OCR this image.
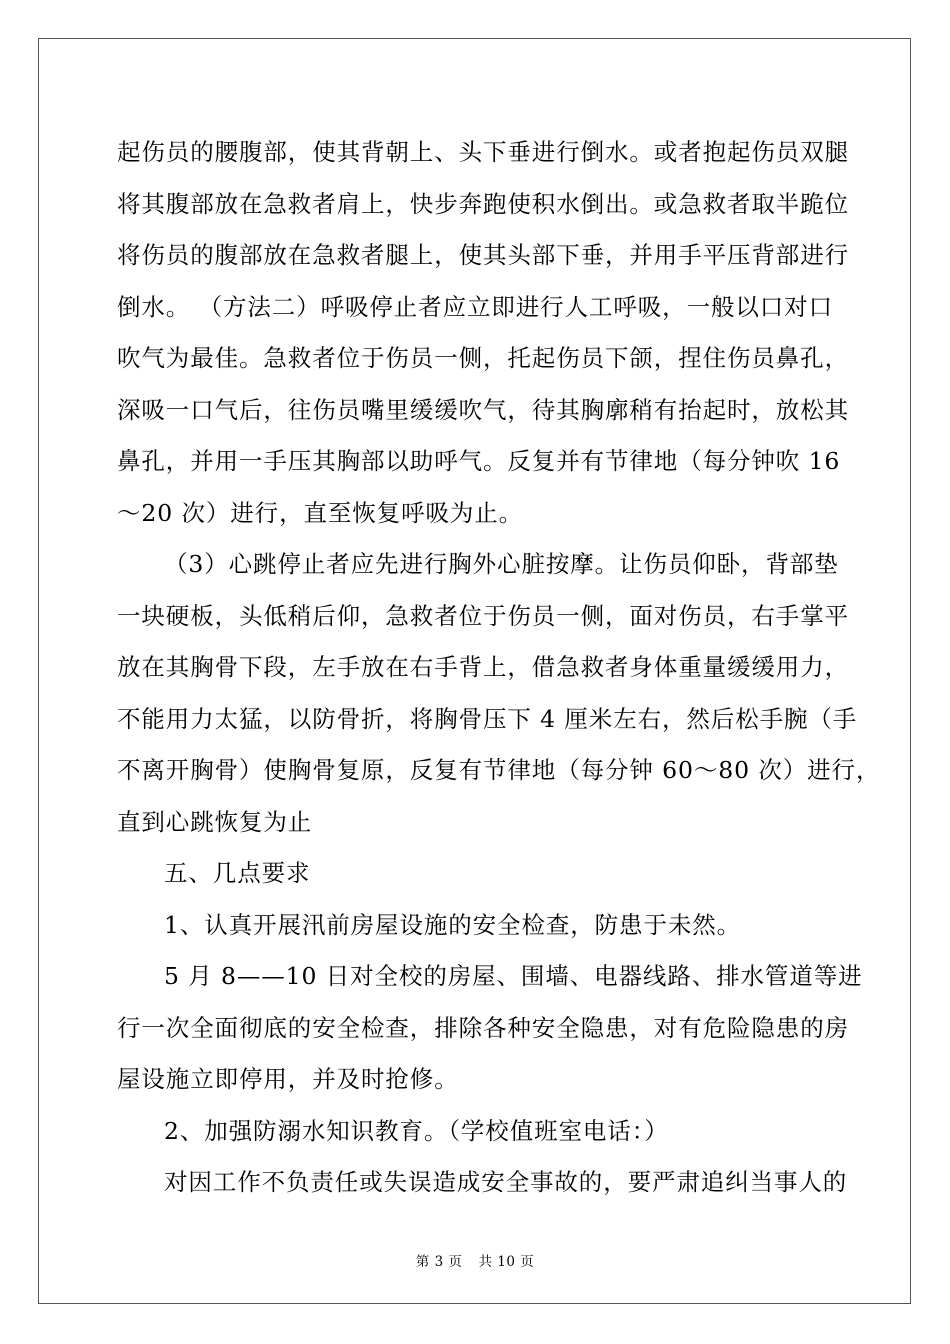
起伤员的腰腹部，使其背朝上、头下垂进行倒水。或者抱起伤员双腿

将其腹部放在急救者肩上，快步奔跑使积水倒出。或急救者取半跪位

将伤员的腹部放在急救者腿上，使其头部下垂，并用手平压背部进行

倒水。 （方法二）呼吸停止者应立即进行人工呼吸，一般以口对口

吹气为最佳。急救者位于伤员一侧，托起伤员下颌，捏住伤员鼻孔，

深吸一口气后，往伤员嘴里缓缓吹气，待其胸廓稍有抬起时，放松其

鼻孔，并用一手压其胸部以助呼气。反复并有节律地（每分钟吹 16

～20 次）进行，直至恢复呼吸为止。

（3）心跳停止者应先进行胸外心脏按摩。让伤员仰卧，背部垫

一块硬板，头低稍后仰，急救者位于伤员一侧，面对伤员，右手掌平

放在其胸骨下段，左手放在右手背上，借急救者身体重量缓缓用力，

不能用力太猛，以防骨折，将胸骨压下 4 厘米左右，然后松手腕（手

不离开胸骨）使胸骨复原，反复有节律地（每分钟 60～80 次）进行，

直到心跳恢复为止

五、几点要求

1、认真开展汛前房屋设施的安全检查，防患于未然。

5 月 8——10 日对全校的房屋、围墙、电器线路、排水管道等进

行一次全面彻底的安全检查，排除各种安全隐患，对有危险隐患的房

屋设施立即停用，并及时抢修。

2、加强防溺水知识教育。（学校值班室电话：）

对因工作不负责任或失误造成安全事故的，要严肃追纠当事人的

第 3 页 共 10 页
